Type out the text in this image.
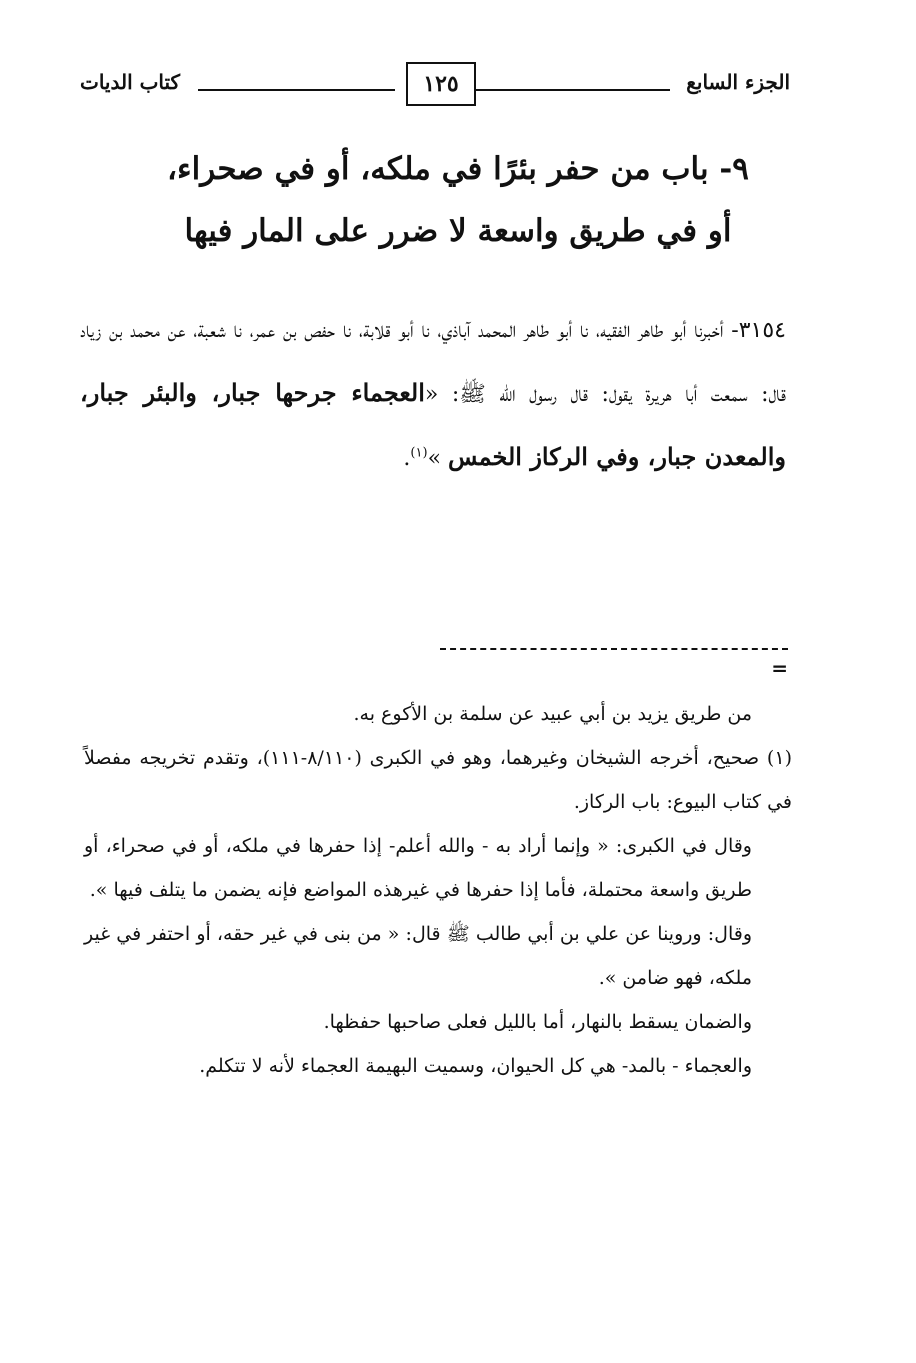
الجزء السابع
١٢٥
كتاب الديات
٩- باب من حفر بئرًا في ملكه، أو في صحراء،
أو في طريق واسعة لا ضرر على المار فيها
٣١٥٤- أخبرنا أبو طاهر الفقيه، نا أبو طاهر المحمد آباذي، نا أبو قلابة، نا حفص بن عمر، نا شعبة، عن محمد بن زياد قال: سمعت أبا هريرة يقول: قال رسول الله ﷺ: «العجماء جرحها جبار، والبئر جبار، والمعدن جبار، وفي الركاز الخمس »$^{(١)}$.
=

من طريق يزيد بن أبي عبيد عن سلمة بن الأكوع به.

(١) صحيح، أخرجه الشيخان وغيرهما، وهو في الكبرى (٨/١١٠-١١١)، وتقدم تخريجه مفصلاً في كتاب البيوع: باب الركاز.

وقال في الكبرى: « وإنما أراد به - والله أعلم- إذا حفرها في ملكه، أو في صحراء، أو طريق واسعة محتملة، فأما إذا حفرها في غيرهذه المواضع فإنه يضمن ما يتلف فيها ».

وقال: وروينا عن علي بن أبي طالب ﷺ قال: « من بنى في غير حقه، أو احتفر في غير ملكه، فهو ضامن ».

والضمان يسقط بالنهار، أما بالليل فعلى صاحبها حفظها.

والعجماء - بالمد- هي كل الحيوان، وسميت البهيمة العجماء لأنه لا تتكلم.
